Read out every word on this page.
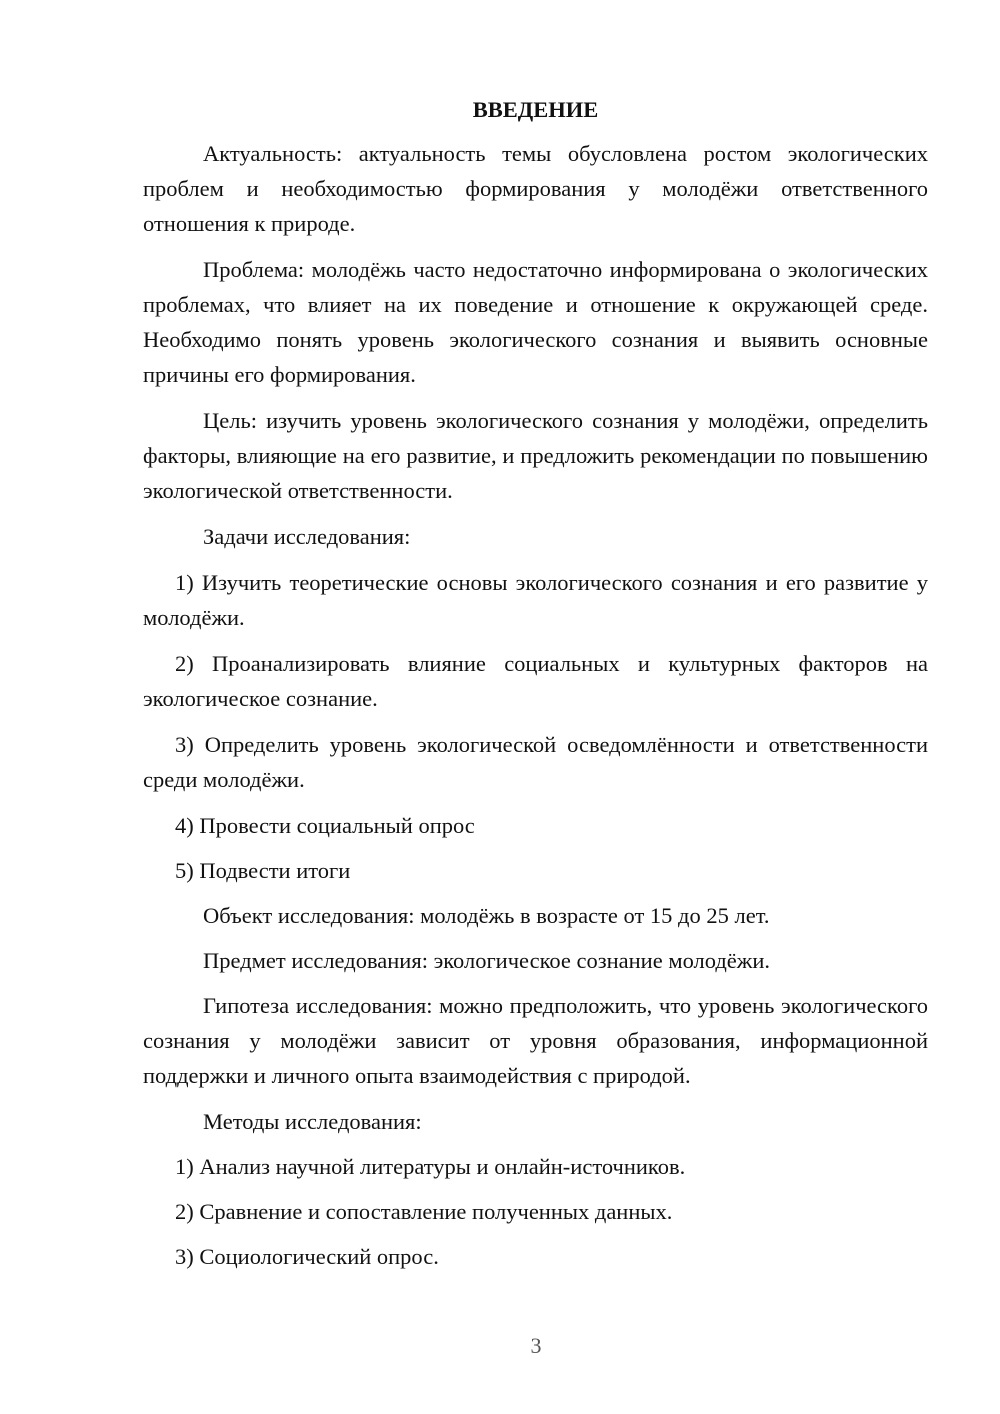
ВВЕДЕНИЕ

Актуальность: актуальность темы обусловлена ростом экологических проблем и необходимостью формирования у молодёжи ответственного отношения к природе.

Проблема: молодёжь часто недостаточно информирована о экологических проблемах, что влияет на их поведение и отношение к окружающей среде. Необходимо понять уровень экологического сознания и выявить основные причины его формирования.

Цель: изучить уровень экологического сознания у молодёжи, определить факторы, влияющие на его развитие, и предложить рекомендации по повышению экологической ответственности.

Задачи исследования:

1) Изучить теоретические основы экологического сознания и его развитие у молодёжи.

2) Проанализировать влияние социальных и культурных факторов на экологическое сознание.

3) Определить уровень экологической осведомлённости и ответственности среди молодёжи.

4) Провести социальный опрос

5) Подвести итоги

Объект исследования: молодёжь в возрасте от 15 до 25 лет.

Предмет исследования: экологическое сознание молодёжи.

Гипотеза исследования: можно предположить, что уровень экологического сознания у молодёжи зависит от уровня образования, информационной поддержки и личного опыта взаимодействия с природой.

Методы исследования:

1) Анализ научной литературы и онлайн-источников.

2) Сравнение и сопоставление полученных данных.

3) Социологический опрос.

3
